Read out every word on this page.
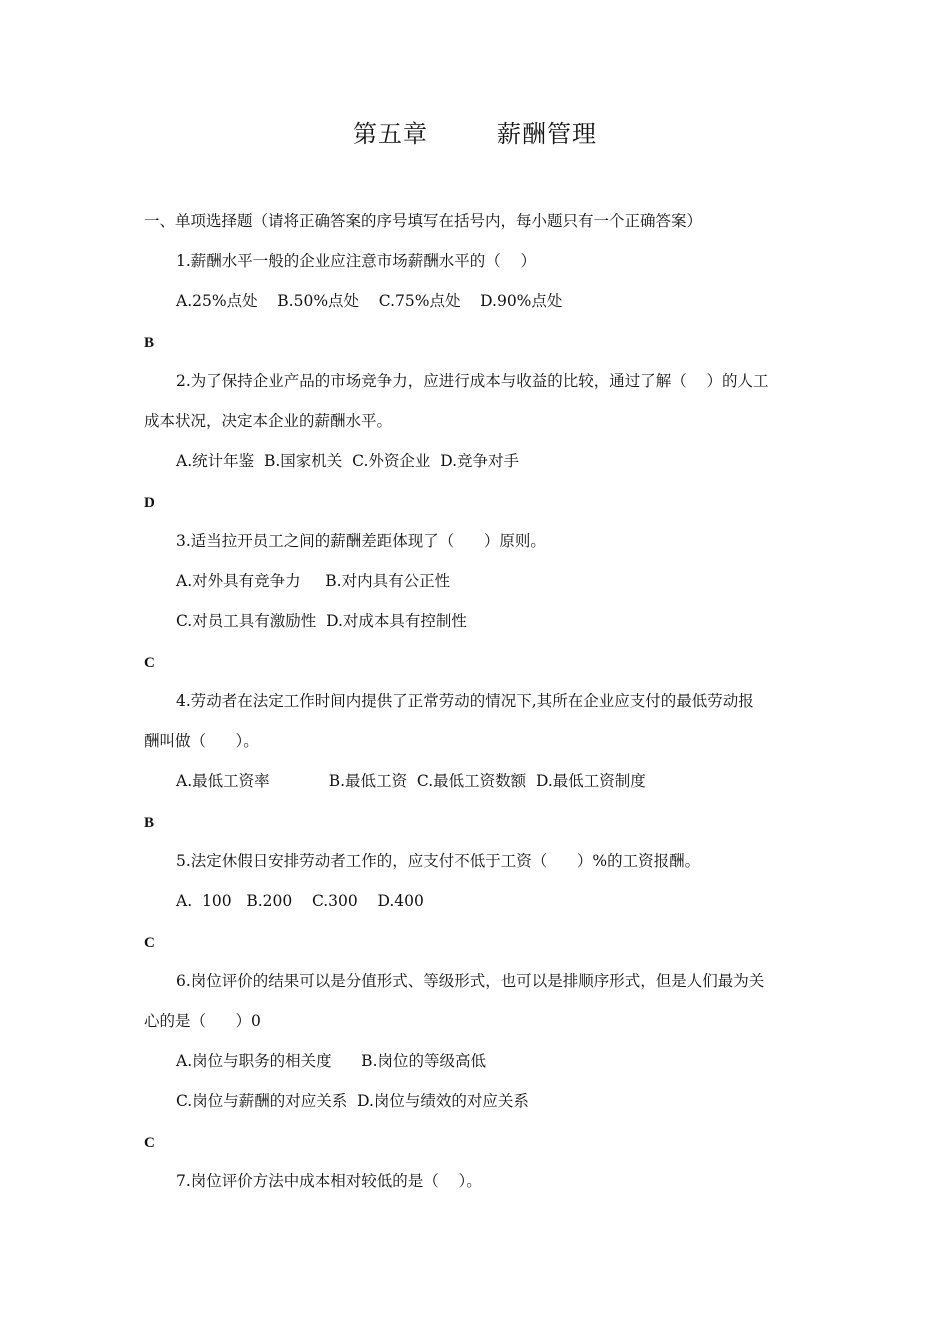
第五章        薪酬管理
一、单项选择题（请将正确答案的序号填写在括号内，每小题只有一个正确答案）
1.薪酬水平一般的企业应注意市场薪酬水平的（    ）
A.25%点处    B.50%点处    C.75%点处    D.90%点处
B
2.为了保持企业产品的市场竞争力，应进行成本与收益的比较，通过了解（    ）的人工
成本状况，决定本企业的薪酬水平。
A.统计年鉴  B.国家机关  C.外资企业  D.竞争对手
D
3.适当拉开员工之间的薪酬差距体现了（      ）原则。
A.对外具有竞争力     B.对内具有公正性
C.对员工具有激励性  D.对成本具有控制性
C
4.劳动者在法定工作时间内提供了正常劳动的情况下,其所在企业应支付的最低劳动报
酬叫做（      ）。
A.最低工资率            B.最低工资  C.最低工资数额  D.最低工资制度
B
5.法定休假日安排劳动者工作的，应支付不低于工资（      ）%的工资报酬。
A.  100   B.200    C.300    D.400
C
6.岗位评价的结果可以是分值形式、等级形式，也可以是排顺序形式，但是人们最为关
心的是（      ）0
A.岗位与职务的相关度      B.岗位的等级高低
C.岗位与薪酬的对应关系  D.岗位与绩效的对应关系
C
7.岗位评价方法中成本相对较低的是（    ）。
